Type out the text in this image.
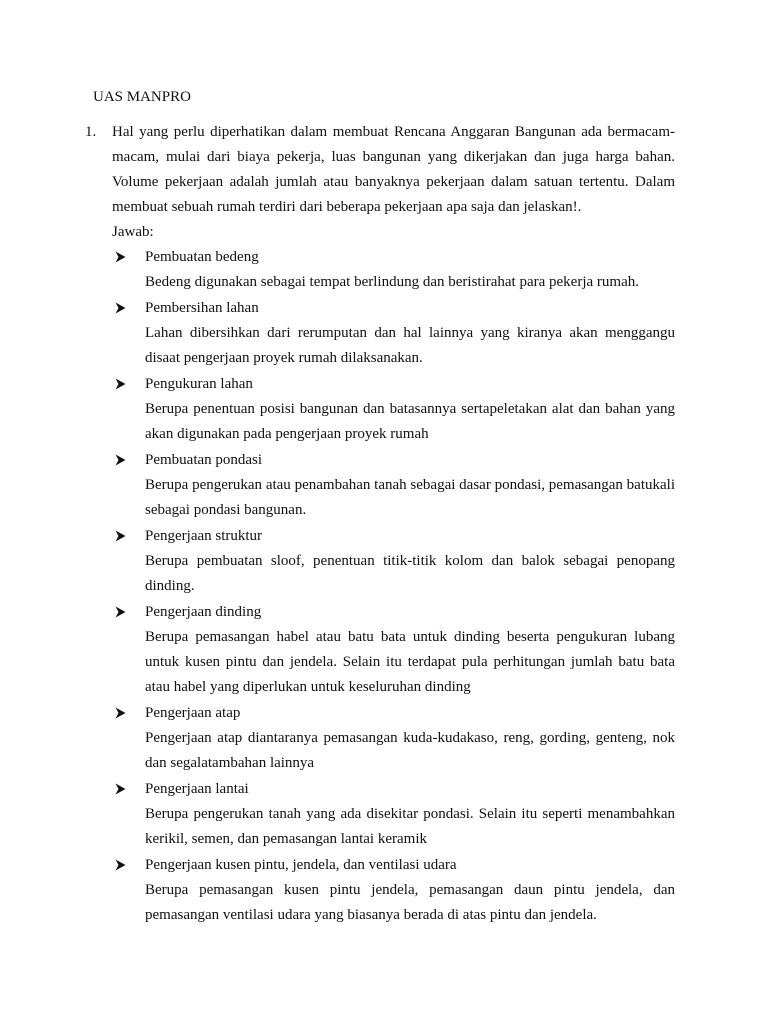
UAS MANPRO
1. Hal yang perlu diperhatikan dalam membuat Rencana Anggaran Bangunan ada bermacam-macam, mulai dari biaya pekerja, luas bangunan yang dikerjakan dan juga harga bahan. Volume pekerjaan adalah jumlah atau banyaknya pekerjaan dalam satuan tertentu. Dalam membuat sebuah rumah terdiri dari beberapa pekerjaan apa saja dan jelaskan!.
Jawab:
Pembuatan bedeng
Bedeng digunakan sebagai tempat berlindung dan beristirahat para pekerja rumah.
Pembersihan lahan
Lahan dibersihkan dari rerumputan dan hal lainnya yang kiranya akan menggangu disaat pengerjaan proyek rumah dilaksanakan.
Pengukuran lahan
Berupa penentuan posisi bangunan dan batasannya sertapeletakan alat dan bahan yang akan digunakan pada pengerjaan proyek rumah
Pembuatan pondasi
Berupa pengerukan atau penambahan tanah sebagai dasar pondasi, pemasangan batukali sebagai pondasi bangunan.
Pengerjaan struktur
Berupa pembuatan sloof, penentuan titik-titik kolom dan balok sebagai penopang dinding.
Pengerjaan dinding
Berupa pemasangan habel atau batu bata untuk dinding beserta pengukuran lubang untuk kusen pintu dan jendela. Selain itu terdapat pula perhitungan jumlah batu bata atau habel yang diperlukan untuk keseluruhan dinding
Pengerjaan atap
Pengerjaan atap diantaranya pemasangan kuda-kudakaso, reng, gording, genteng, nok dan segalatambahan lainnya
Pengerjaan lantai
Berupa pengerukan tanah yang ada disekitar pondasi. Selain itu seperti menambahkan kerikil, semen, dan pemasangan lantai keramik
Pengerjaan kusen pintu, jendela, dan ventilasi udara
Berupa pemasangan kusen pintu jendela, pemasangan daun pintu jendela, dan pemasangan ventilasi udara yang biasanya berada di atas pintu dan jendela.
